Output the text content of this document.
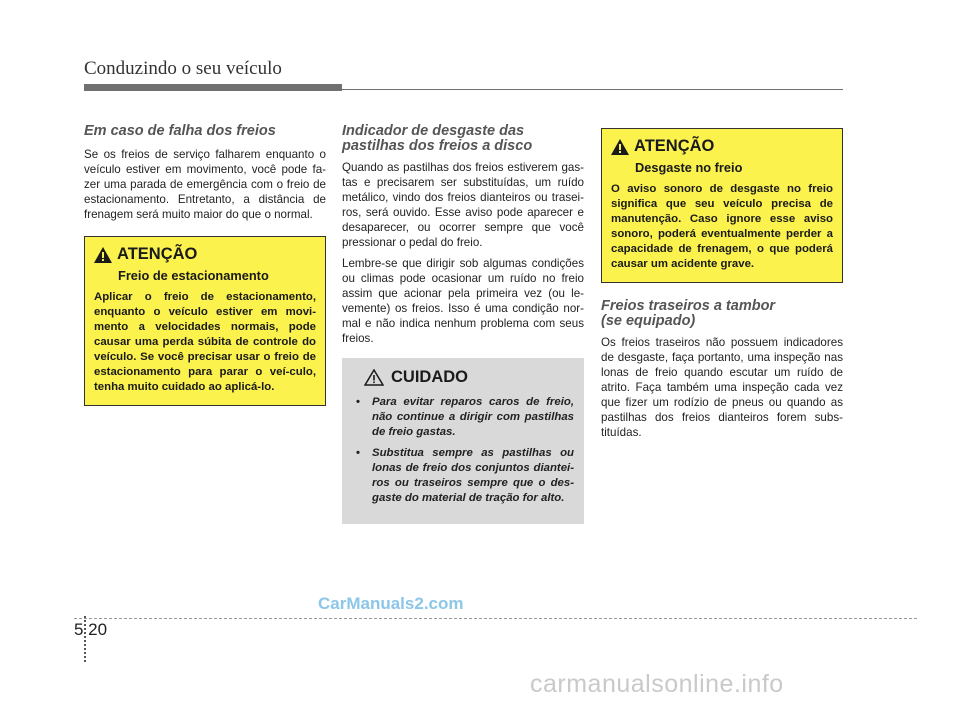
Conduzindo o seu veículo
Em caso de falha dos freios

Se os freios de serviço falharem enquanto o veículo estiver em movimento, você pode fa-zer uma parada de emergência com o freio de estacionamento. Entretanto, a distância de frenagem será muito maior do que o normal.

ATENÇÃO
Freio de estacionamento

Aplicar o freio de estacionamento, enquanto o veículo estiver em movi-mento a velocidades normais, pode causar uma perda súbita de controle do veículo. Se você precisar usar o freio de estacionamento para parar o veí-culo, tenha muito cuidado ao aplicá-lo.

Indicador de desgaste das
pastilhas dos freios a disco

Quando as pastilhas dos freios estiverem gas-tas e precisarem ser substituídas, um ruído metálico, vindo dos freios dianteiros ou trasei-ros, será ouvido. Esse aviso pode aparecer e desaparecer, ou ocorrer sempre que você pressionar o pedal do freio.

Lembre-se que dirigir sob algumas condições ou climas pode ocasionar um ruído no freio assim que acionar pela primeira vez (ou le-vemente) os freios. Isso é uma condição nor-mal e não indica nenhum problema com seus freios.

CUIDADO
• Para evitar reparos caros de freio, não continue a dirigir com pastilhas de freio gastas.
• Substitua sempre as pastilhas ou lonas de freio dos conjuntos diantei-ros ou traseiros sempre que o des-gaste do material de tração for alto.
ATENÇÃO
Desgaste no freio

O aviso sonoro de desgaste no freio significa que seu veículo precisa de manutenção. Caso ignore esse aviso sonoro, poderá eventualmente perder a capacidade de frenagem, o que poderá causar um acidente grave.

Freios traseiros a tambor
(se equipado)

Os freios traseiros não possuem indicadores de desgaste, faça portanto, uma inspeção nas lonas de freio quando escutar um ruído de atrito. Faça também uma inspeção cada vez que fizer um rodízio de pneus ou quando as pastilhas dos freios dianteiros forem subs-tituídas.

5 20
CarManuals2.com
carmanualsonline.info
